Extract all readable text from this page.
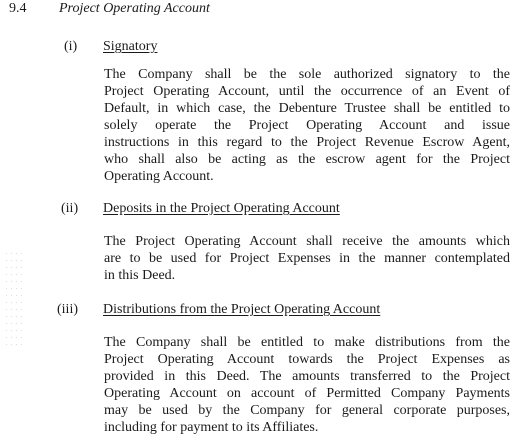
9.4 Project Operating Account
(i) Signatory
The Company shall be the sole authorized signatory to the
Project Operating Account, until the occurrence of an Event of
Default, in which case, the Debenture Trustee shall be entitled to
solely operate the Project Operating Account and issue
instructions in this regard to the Project Revenue Escrow Agent,
who shall also be acting as the escrow agent for the Project
Operating Account.
(ii) Deposits in the Project Operating Account
The Project Operating Account shall receive the amounts which
are to be used for Project Expenses in the manner contemplated
in this Deed.
(iii) Distributions from the Project Operating Account
The Company shall be entitled to make distributions from the
Project Operating Account towards the Project Expenses as
provided in this Deed. The amounts transferred to the Project
Operating Account on account of Permitted Company Payments
may be used by the Company for general corporate purposes,
including for payment to its Affiliates.
